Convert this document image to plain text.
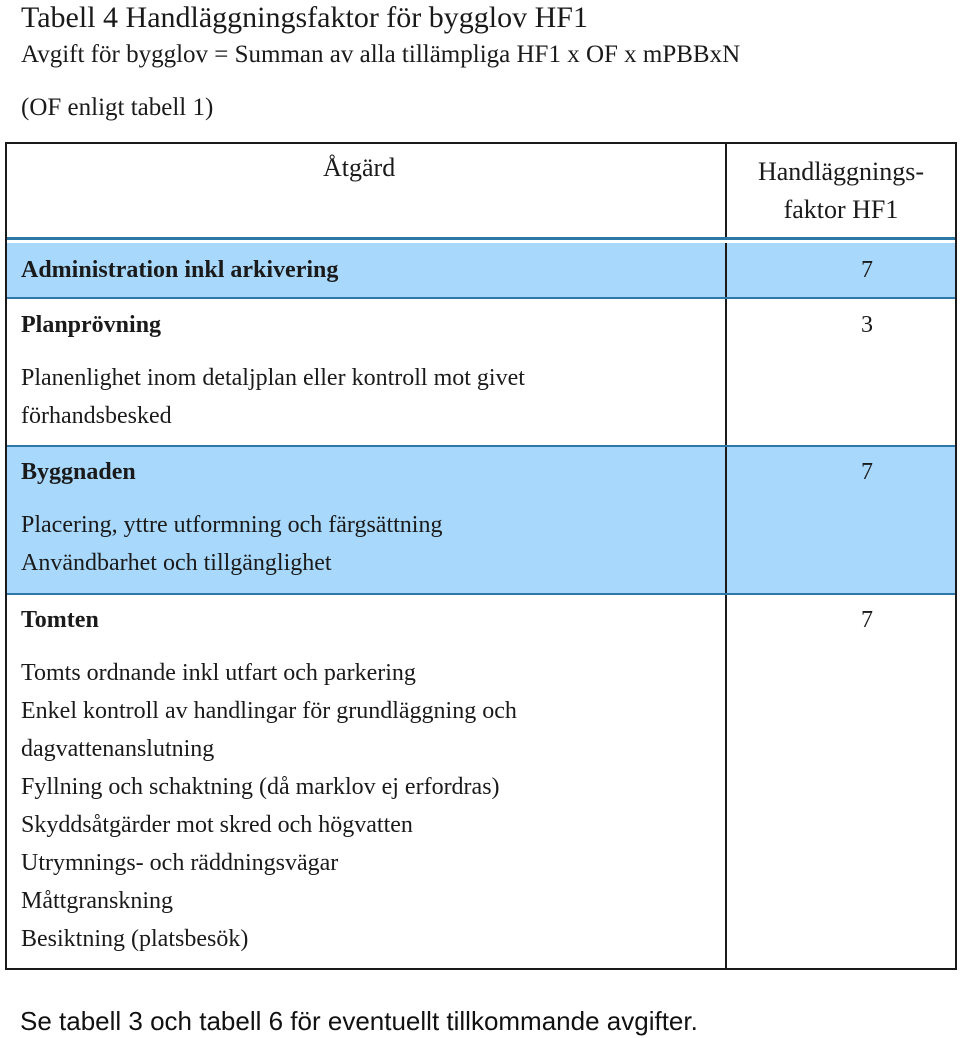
Tabell 4 Handläggningsfaktor för bygglov HF1
Avgift för bygglov = Summan av alla tillämpliga HF1 x OF x mPBBxN
(OF enligt tabell 1)
Åtgärd	Handläggnings-
faktor HF1
Administration inkl arkivering	7
Planprövning
Planenlighet inom detaljplan eller kontroll mot givet
förhandsbesked
3
Byggnaden
Placering, yttre utformning och färgsättning
Användbarhet och tillgänglighet
7
Tomten
Tomts ordnande inkl utfart och parkering
Enkel kontroll av handlingar för grundläggning och
dagvattenanslutning
Fyllning och schaktning (då marklov ej erfordras)
Skyddsåtgärder mot skred och högvatten
Utrymnings- och räddningsvägar
Måttgranskning
Besiktning (platsbesök)
7
Se tabell 3 och tabell 6 för eventuellt tillkommande avgifter.
